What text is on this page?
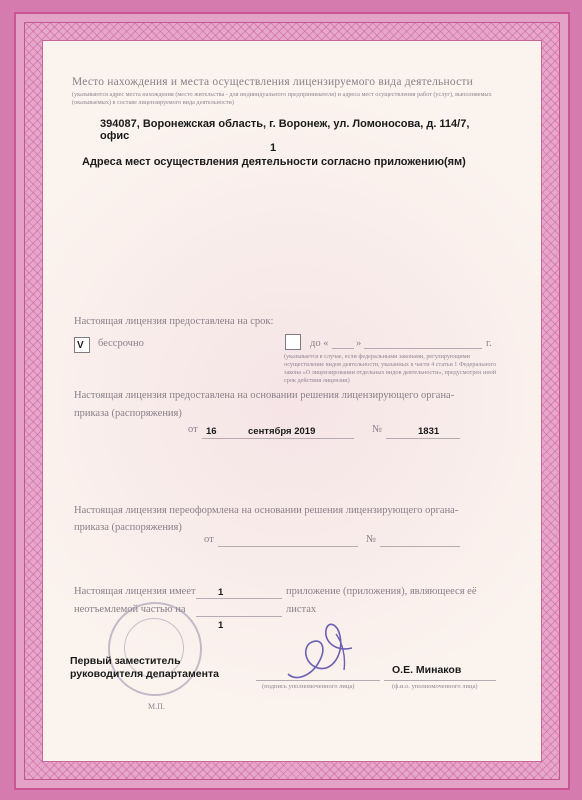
Место нахождения и места осуществления лицензируемого вида деятельности
(указываются адрес места нахождения (место жительства - для индивидуального предпринимателя) и адреса мест осуществления работ (услуг), выполняемых (оказываемых) в составе лицензируемого вида деятельности)
394087, Воронежская область, г. Воронеж, ул. Ломоносова, д. 114/7, офис
1
Адреса мест осуществления деятельности согласно приложению(ям)
Настоящая лицензия предоставлена на срок:
V бессрочно	до «	»	г.
(указывается в случае, если федеральными законами, регулирующими осуществление видов деятельности, указанных в части 4 статьи 1 Федерального закона «О лицензировании отдельных видов деятельности», предусмотрен иной срок действия лицензии)
Настоящая лицензия предоставлена на основании решения лицензирующего органа-
приказа (распоряжения)
от 16	сентября 2019	№	1831
Настоящая лицензия переоформлена на основании решения лицензирующего органа-
приказа (распоряжения)
от	№
Настоящая лицензия имеет 1	приложение (приложения), являющееся её
неотъемлемой частью на	листах
1
М.П.
Первый заместитель
руководителя департамента
(подпись уполномоченного лица)
О.Е. Минаков
(ф.и.о. уполномоченного лица)
